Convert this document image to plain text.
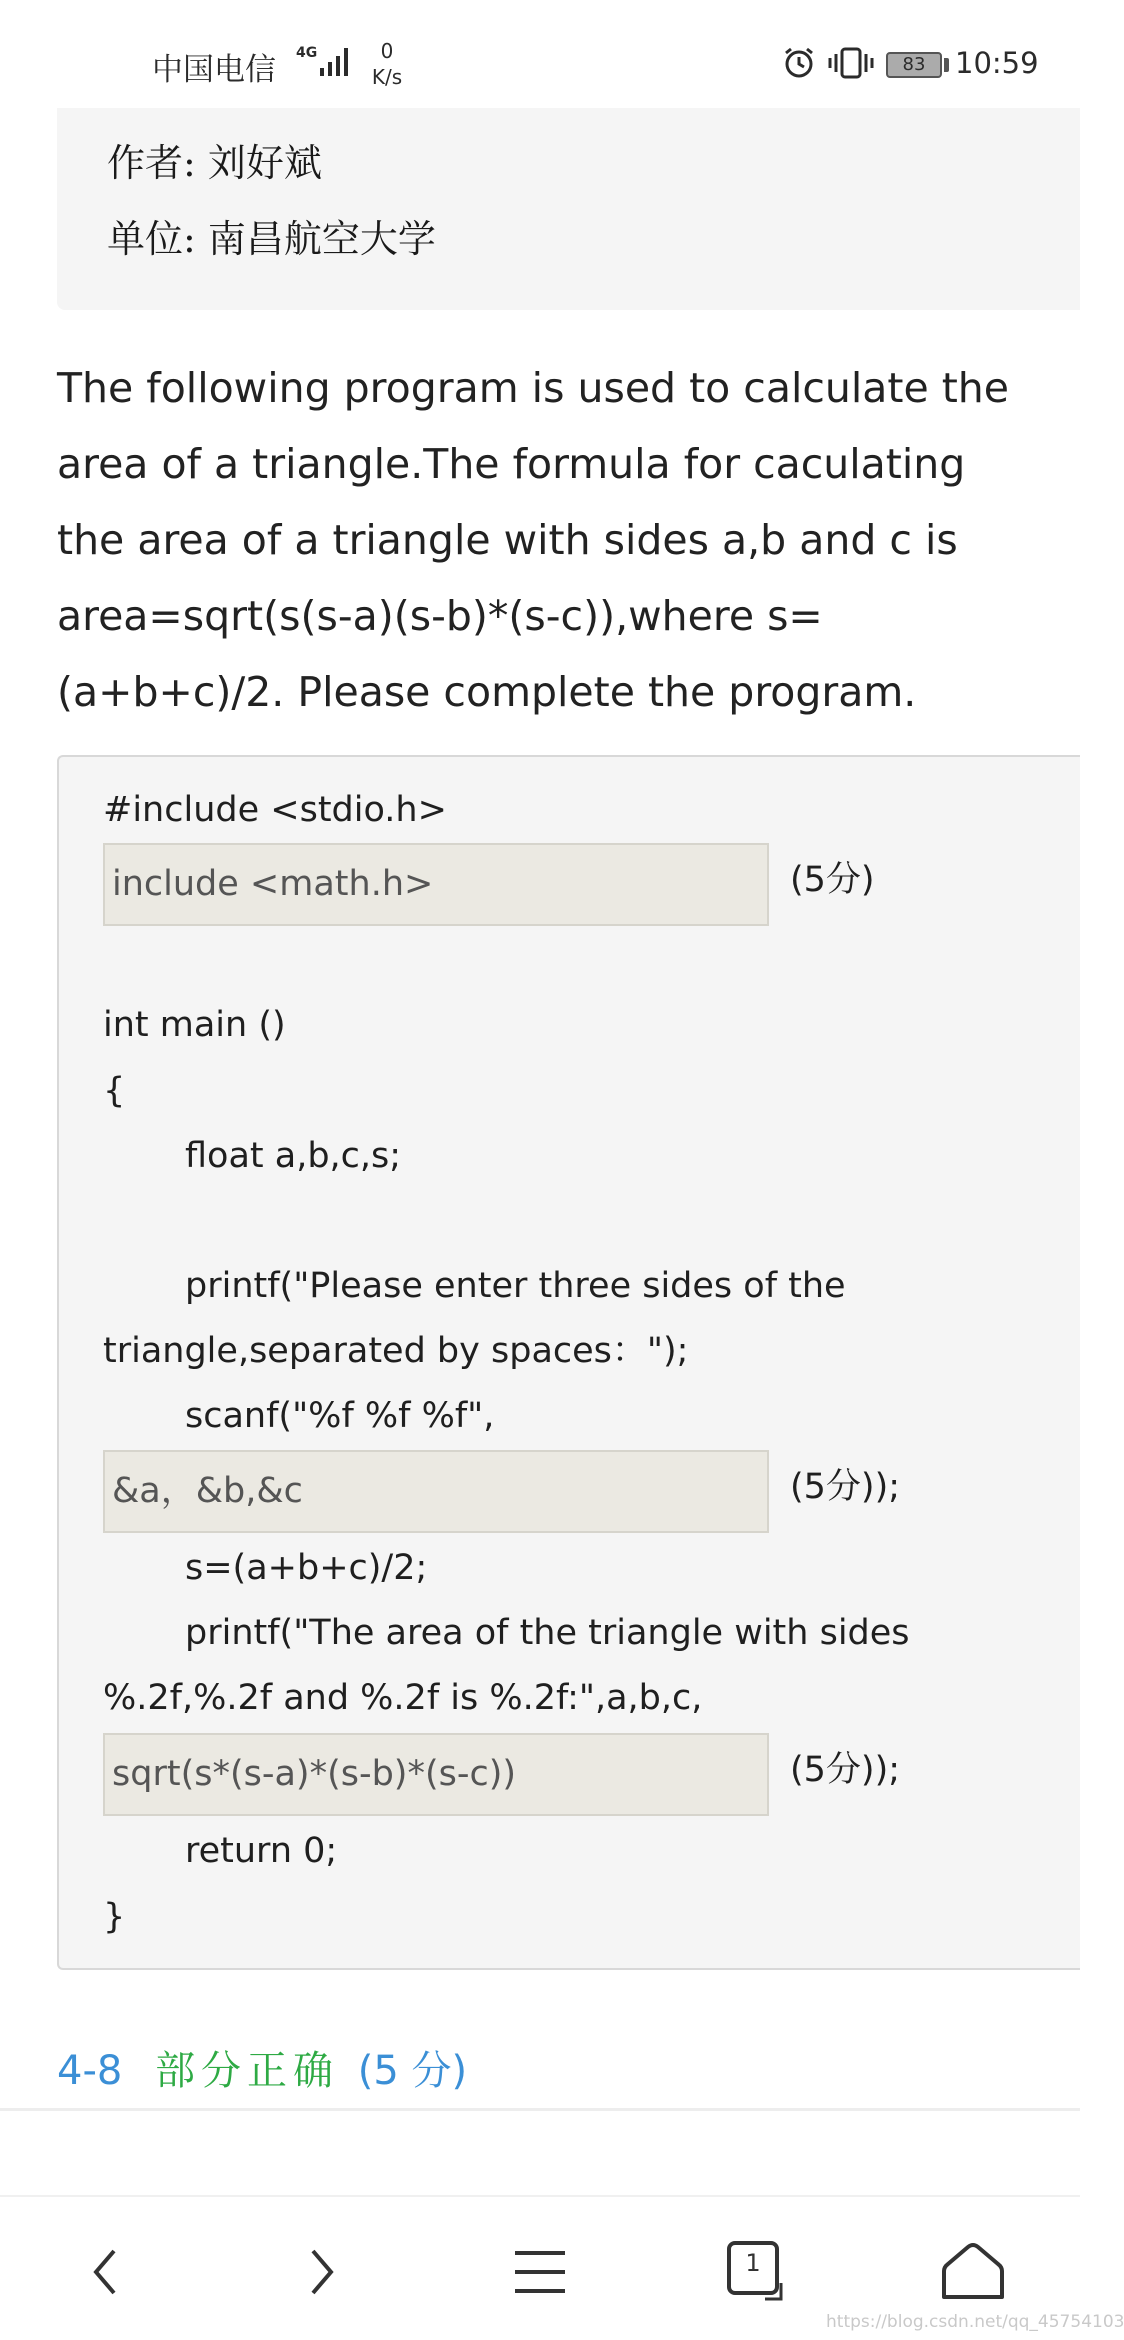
中国电信 4G	0
K/s
83	10:59
作者: 刘好斌
单位: 南昌航空大学
The following program is used to calculate the
area of a triangle.The formula for caculating
the area of a triangle with sides a,b and c is
area=sqrt(s(s-a)(s-b)*(s-c)),where s=
(a+b+c)/2. Please complete the program.
#include <stdio.h>
include <math.h>	(5分)
int main ()
{
float a,b,c,s;
printf("Please enter three sides of the
triangle,separated by spaces：");
scanf("%f %f %f",
&a，&b,&c	(5分));
s=(a+b+c)/2;
printf("The area of the triangle with sides
%.2f,%.2f and %.2f is %.2f:",a,b,c,
sqrt(s*(s-a)*(s-b)*(s-c))	(5分));
return 0;
}
4-8 部分正确 (5 分)
1
https://blog.csdn.net/qq_45754103
